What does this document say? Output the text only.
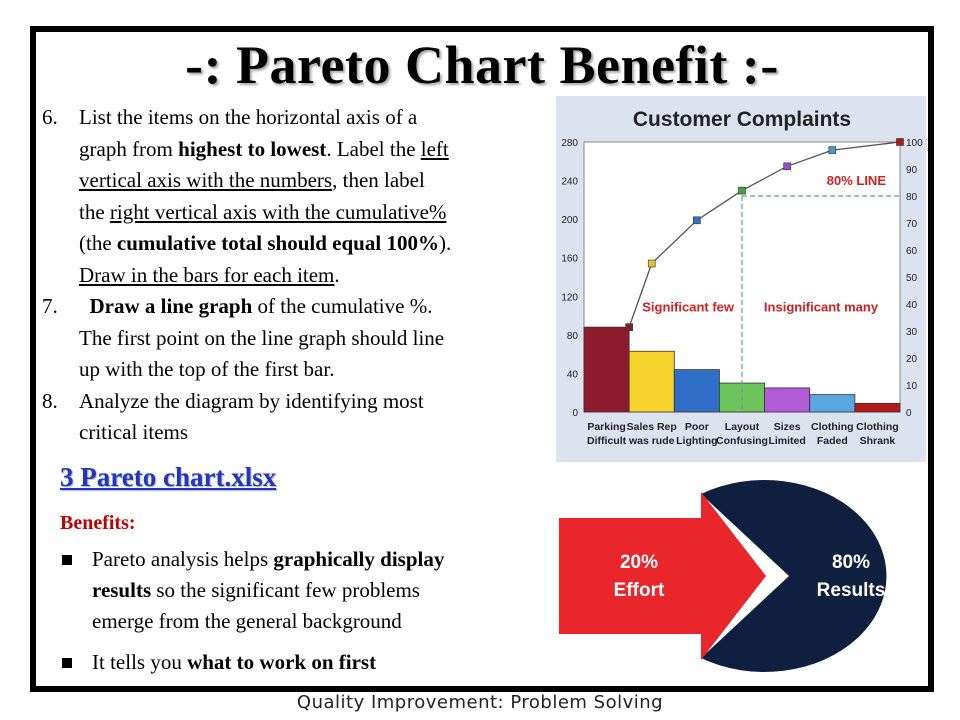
-: Pareto Chart Benefit :-

6. List the items on the horizontal axis of a

graph from highest to lowest. Label the left

vertical axis with the numbers, then label

the right vertical axis with the cumulative%

(the cumulative total should equal 100%).

Draw in the bars for each item.

7. Draw a line graph of the cumulative %.

The first point on the line graph should line

up with the top of the first bar.

8. Analyze the diagram by identifying most

critical items

Customer Complaints
0
40
80
120
160
200
240
280
0
10
20
30
40
50
60
70
80
90
100
80% LINE
Significant few Insignificant many
Parking
Difficult
Sales Rep
was rude
Poor
Lighting
Layout
Confusing
Sizes
Limited
Clothing
Faded
Clothing
Shrank
3 Pareto chart.xlsx
Benefits:
Pareto analysis helps graphically display
results so the significant few problems
emerge from the general background
It tells you what to work on first
20%
Effort
80%
Results
Quality Improvement: Problem Solving
